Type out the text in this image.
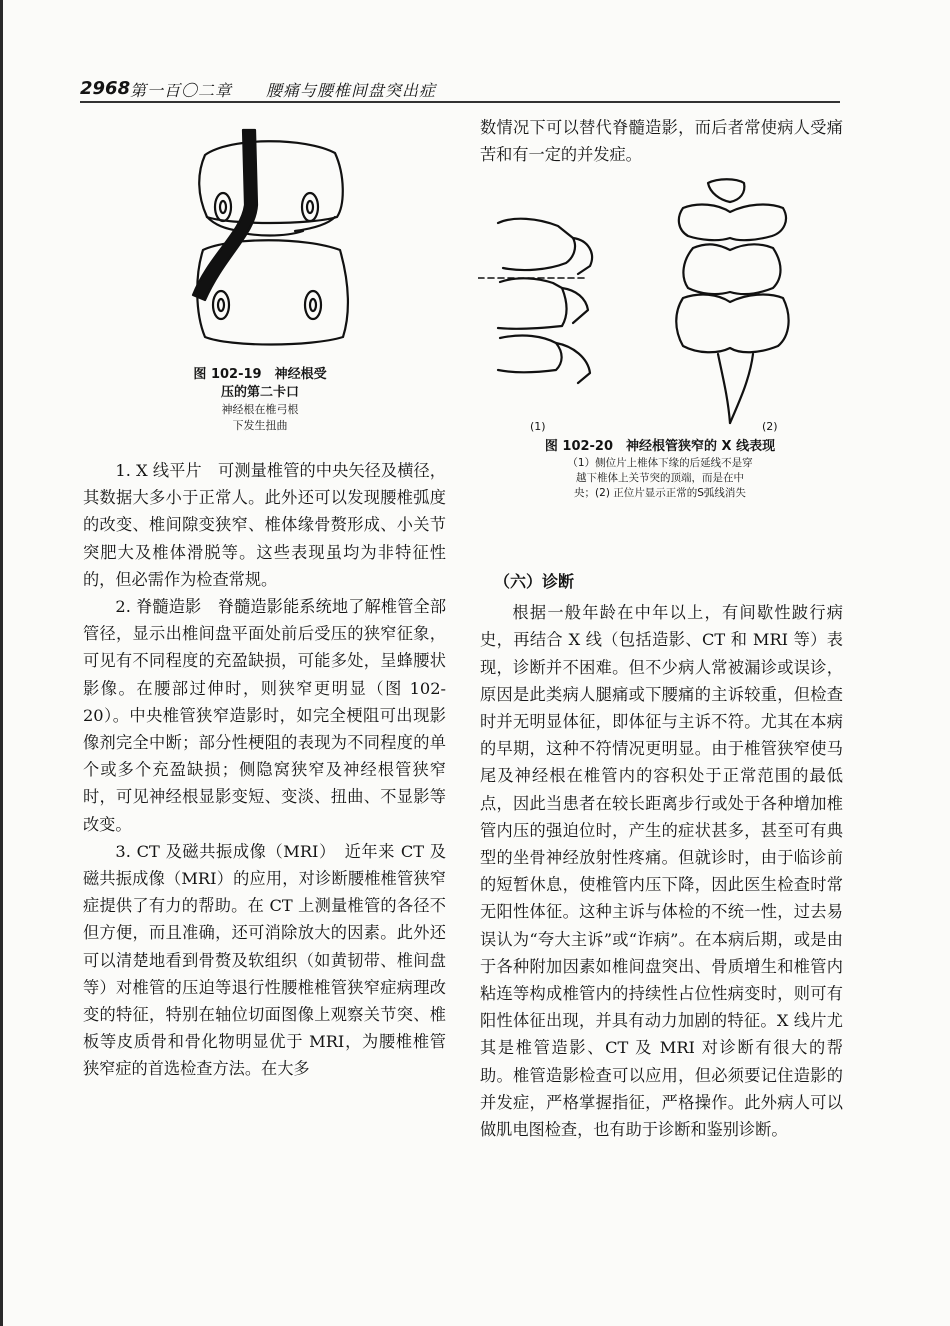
2968 第一百〇二章 腰痛与腰椎间盘突出症
图 102-19　神经根受
压的第二卡口
神经根在椎弓根
下发生扭曲	(1)	(2)
图 102-20　神经根管狭窄的 X 线表现
（1）侧位片上椎体下缘的后延线不是穿
越下椎体上关节突的顶端，而是在中
央；(2) 正位片显示正常的S弧线消失

1. X 线平片　可测量椎管的中央矢径及横径，其数据大多小于正常人。此外还可以发现腰椎弧度的改变、椎间隙变狭窄、椎体缘骨赘形成、小关节突肥大及椎体滑脱等。这些表现虽均为非特征性的，但必需作为检查常规。

2. 脊髓造影　脊髓造影能系统地了解椎管全部管径，显示出椎间盘平面处前后受压的狭窄征象，可见有不同程度的充盈缺损，可能多处，呈蜂腰状影像。在腰部过伸时，则狭窄更明显（图 102-20）。中央椎管狭窄造影时，如完全梗阻可出现影像剂完全中断；部分性梗阻的表现为不同程度的单个或多个充盈缺损；侧隐窝狭窄及神经根管狭窄时，可见神经根显影变短、变淡、扭曲、不显影等改变。

3. CT 及磁共振成像（MRI）　近年来 CT 及磁共振成像（MRI）的应用，对诊断腰椎椎管狭窄症提供了有力的帮助。在 CT 上测量椎管的各径不但方便，而且准确，还可消除放大的因素。此外还可以清楚地看到骨赘及软组织（如黄韧带、椎间盘等）对椎管的压迫等退行性腰椎椎管狭窄症病理改变的特征，特别在轴位切面图像上观察关节突、椎板等皮质骨和骨化物明显优于 MRI，为腰椎椎管狭窄症的首选检查方法。在大多

数情况下可以替代脊髓造影，而后者常使病人受痛苦和有一定的并发症。

（六）诊断

根据一般年龄在中年以上，有间歇性跛行病史，再结合 X 线（包括造影、CT 和 MRI 等）表现，诊断并不困难。但不少病人常被漏诊或误诊，原因是此类病人腿痛或下腰痛的主诉较重，但检查时并无明显体征，即体征与主诉不符。尤其在本病的早期，这种不符情况更明显。由于椎管狭窄使马尾及神经根在椎管内的容积处于正常范围的最低点，因此当患者在较长距离步行或处于各种增加椎管内压的强迫位时，产生的症状甚多，甚至可有典型的坐骨神经放射性疼痛。但就诊时，由于临诊前的短暂休息，使椎管内压下降，因此医生检查时常无阳性体征。这种主诉与体检的不统一性，过去易误认为“夸大主诉”或“诈病”。在本病后期，或是由于各种附加因素如椎间盘突出、骨质增生和椎管内粘连等构成椎管内的持续性占位性病变时，则可有阳性体征出现，并具有动力加剧的特征。X 线片尤其是椎管造影、CT 及 MRI 对诊断有很大的帮助。椎管造影检查可以应用，但必须要记住造影的并发症，严格掌握指征，严格操作。此外病人可以做肌电图检查，也有助于诊断和鉴别诊断。
